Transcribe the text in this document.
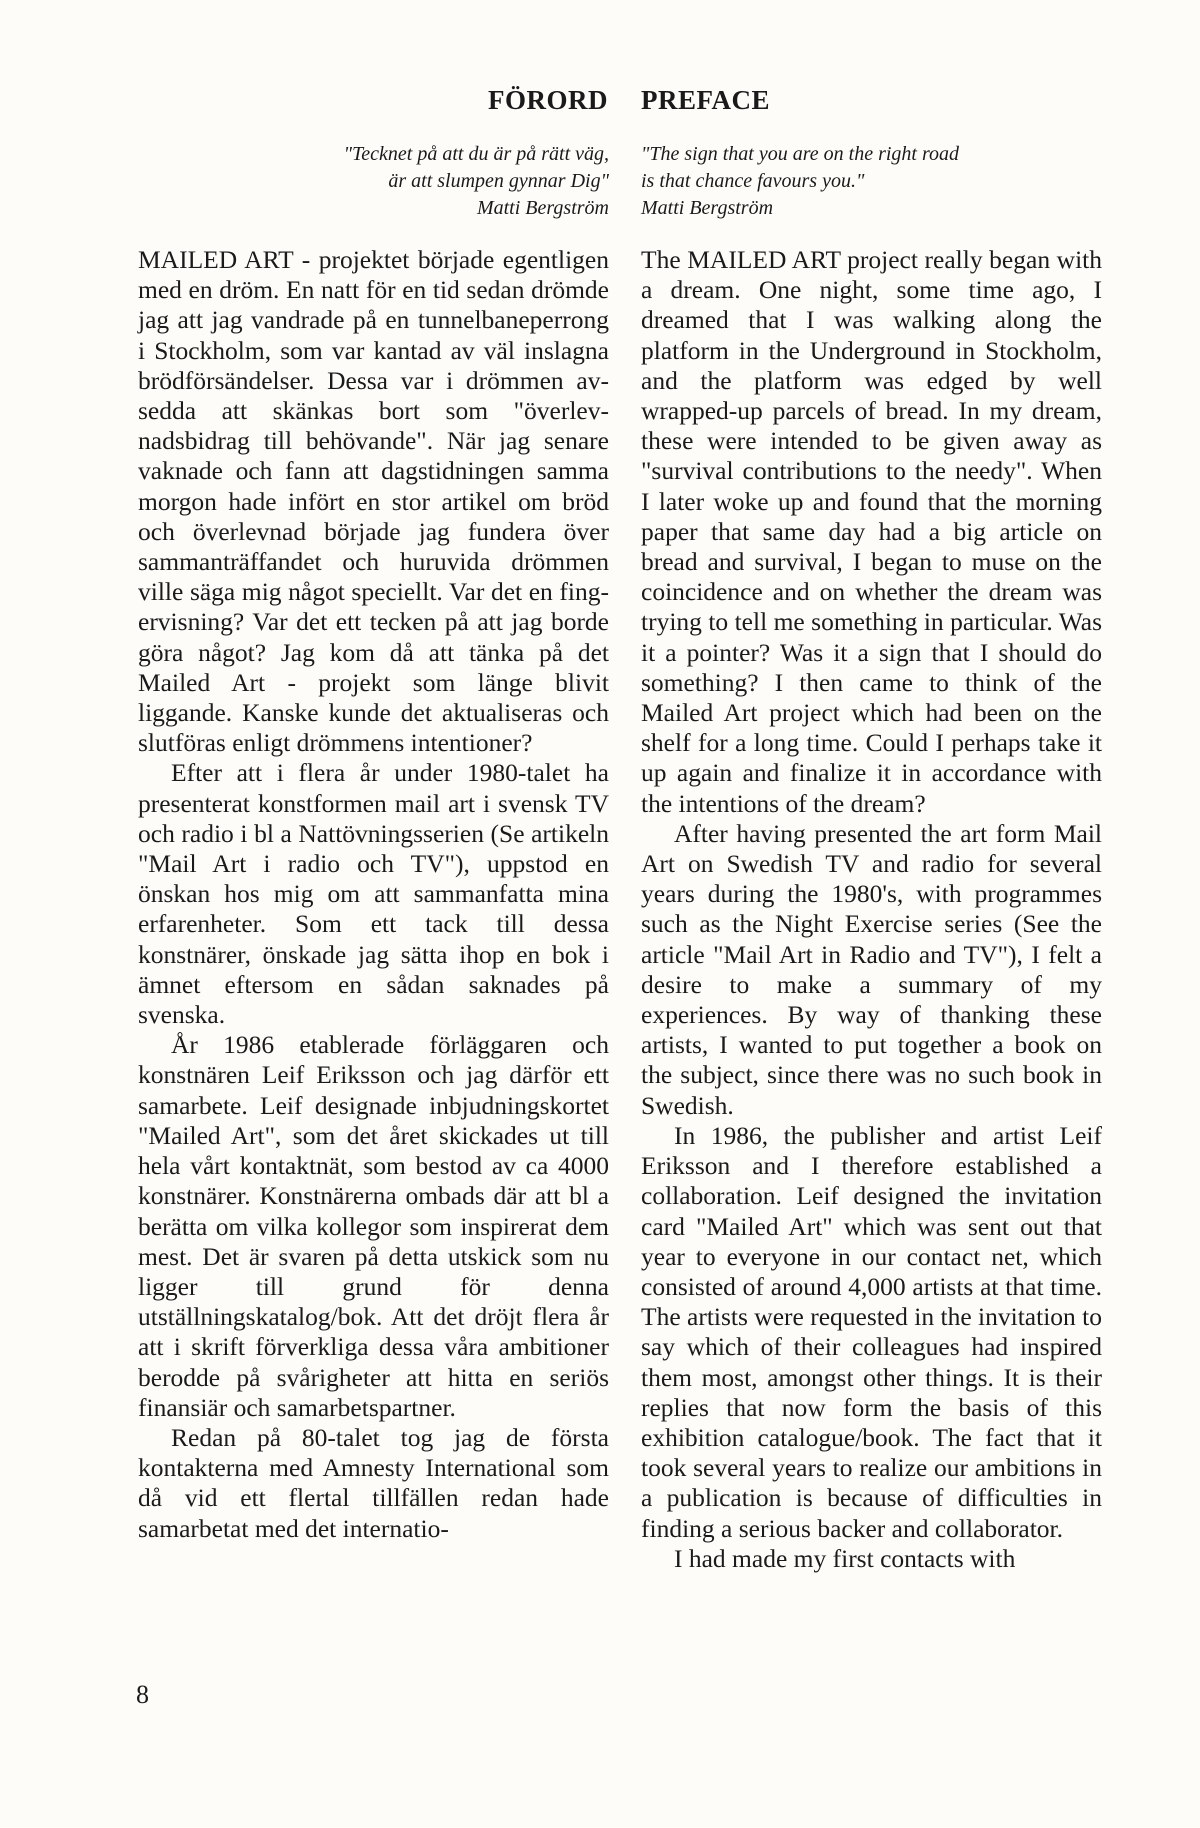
FÖRORD PREFACE
"Tecknet på att du är på rätt väg,
är att slumpen gynnar Dig"
Matti Bergström
"The sign that you are on the right road
is that chance favours you."
Matti Bergström

MAILED ART - projektet började egentligen med en dröm. En natt för en tid sedan drömde jag att jag vandrade på en tunnelbaneperrong i Stockholm, som var kantad av väl inslagna brödförsändelser. Dessa var i drömmen avsedda att skänkas bort som "överlevnadsbidrag till behövande". När jag senare vaknade och fann att dagstidningen samma morgon hade infört en stor artikel om bröd och överlevnad började jag fundera över sammanträffandet och huruvida drömmen ville säga mig något speciellt. Var det en fingervisning? Var det ett tecken på att jag borde göra något? Jag kom då att tänka på det Mailed Art - projekt som länge blivit liggande. Kanske kunde det aktualiseras och slutföras enligt drömmens intentioner?

Efter att i flera år under 1980-talet ha presenterat konstformen mail art i svensk TV och radio i bl a Nattövningsserien (Se artikeln "Mail Art i radio och TV"), uppstod en önskan hos mig om att sammanfatta mina erfarenheter. Som ett tack till dessa konstnärer, önskade jag sätta ihop en bok i ämnet eftersom en sådan saknades på svenska.

År 1986 etablerade förläggaren och konstnären Leif Eriksson och jag därför ett samarbete. Leif designade inbjudningskortet "Mailed Art", som det året skickades ut till hela vårt kontaktnät, som bestod av ca 4000 konstnärer. Konstnärerna ombads där att bl a berätta om vilka kollegor som inspirerat dem mest. Det är svaren på detta utskick som nu ligger till grund för denna utställningskatalog/bok. Att det dröjt flera år att i skrift förverkliga dessa våra ambitioner berodde på svårigheter att hitta en seriös finansiär och samarbetspartner.

Redan på 80-talet tog jag de första kontakterna med Amnesty International som då vid ett flertal tillfällen redan hade samarbetat med det internatio-

The MAILED ART project really began with a dream. One night, some time ago, I dreamed that I was walking along the platform in the Underground in Stockholm, and the platform was edged by well wrapped-up parcels of bread. In my dream, these were intended to be given away as "survival contributions to the needy". When I later woke up and found that the morning paper that same day had a big article on bread and survival, I began to muse on the coincidence and on whether the dream was trying to tell me something in particular. Was it a pointer? Was it a sign that I should do something? I then came to think of the Mailed Art project which had been on the shelf for a long time. Could I perhaps take it up again and finalize it in accordance with the intentions of the dream?

After having presented the art form Mail Art on Swedish TV and radio for several years during the 1980's, with programmes such as the Night Exercise series (See the article "Mail Art in Radio and TV"), I felt a desire to make a summary of my experiences. By way of thanking these artists, I wanted to put together a book on the subject, since there was no such book in Swedish.

In 1986, the publisher and artist Leif Eriksson and I therefore established a collaboration. Leif designed the invitation card "Mailed Art" which was sent out that year to everyone in our contact net, which consisted of around 4,000 artists at that time. The artists were requested in the invitation to say which of their colleagues had inspired them most, amongst other things. It is their replies that now form the basis of this exhibition catalogue/book. The fact that it took several years to realize our ambitions in a publication is because of difficulties in finding a serious backer and collaborator.

I had made my first contacts with

8
